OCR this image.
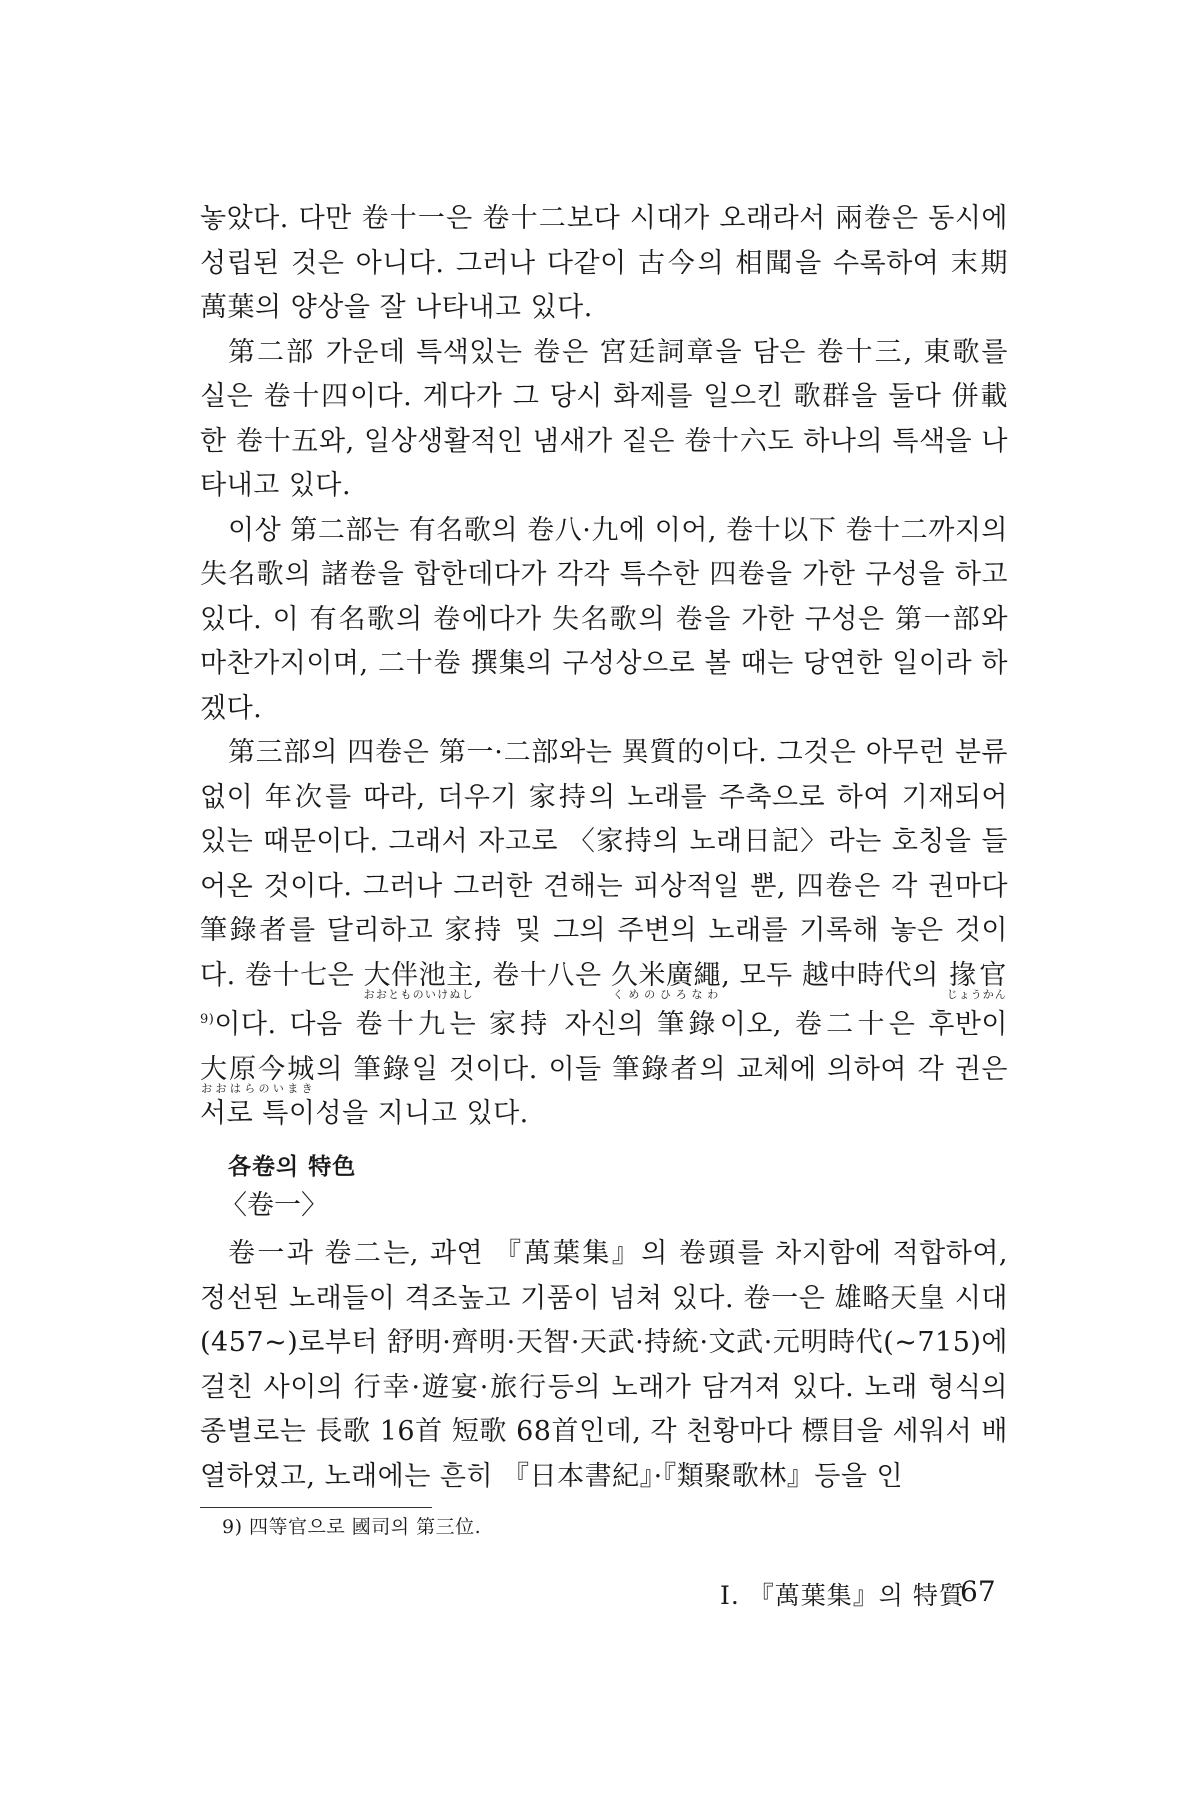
놓았다. 다만 卷十一은 卷十二보다 시대가 오래라서 兩卷은 동시에 성립된 것은 아니다. 그러나 다같이 古今의 相聞을 수록하여 末期 萬葉의 양상을 잘 나타내고 있다.

第二部 가운데 특색있는 卷은 宮廷詞章을 담은 卷十三, 東歌를 실은 卷十四이다. 게다가 그 당시 화제를 일으킨 歌群을 둘다 併載한 卷十五와, 일상생활적인 냄새가 짙은 卷十六도 하나의 특색을 나타내고 있다.

이상 第二部는 有名歌의 卷八·九에 이어, 卷十以下 卷十二까지의 失名歌의 諸卷을 합한데다가 각각 특수한 四卷을 가한 구성을 하고 있다. 이 有名歌의 卷에다가 失名歌의 卷을 가한 구성은 第一部와 마찬가지이며, 二十卷 撰集의 구성상으로 볼 때는 당연한 일이라 하겠다.

第三部의 四卷은 第一·二部와는 異質的이다. 그것은 아무런 분류없이 年次를 따라, 더우기 家持의 노래를 주축으로 하여 기재되어 있는 때문이다. 그래서 자고로 〈家持의 노래日記〉라는 호칭을 들어온 것이다. 그러나 그러한 견해는 피상적일 뿐, 四卷은 각 권마다 筆錄者를 달리하고 家持 및 그의 주변의 노래를 기록해 놓은 것이다. 卷十七은 大伴池主おおとものいけぬし, 卷十八은 久米廣繩くめのひろなわ, 모두 越中時代의 掾官じょうかん$^{9)}$이다. 다음 卷十九는 家持 자신의 筆錄이오, 卷二十은 후반이 大原今城おおはらのいまき의 筆錄일 것이다. 이들 筆錄者의 교체에 의하여 각 권은 서로 특이성을 지니고 있다.

各卷의 特色
〈卷一〉

卷一과 卷二는, 과연 『萬葉集』의 卷頭를 차지함에 적합하여, 정선된 노래들이 격조높고 기품이 넘쳐 있다. 卷一은 雄略天皇 시대(457~)로부터 舒明·齊明·天智·天武·持統·文武·元明時代(~715)에 걸친 사이의 行幸·遊宴·旅行등의 노래가 담겨져 있다. 노래 형식의 종별로는 長歌 16首 短歌 68首인데, 각 천황마다 標目을 세워서 배열하였고, 노래에는 흔히 『日本書紀』·『類聚歌林』등을 인

9) 四等官으로 國司의 第三位.
I. 『萬葉集』의 特質
67
